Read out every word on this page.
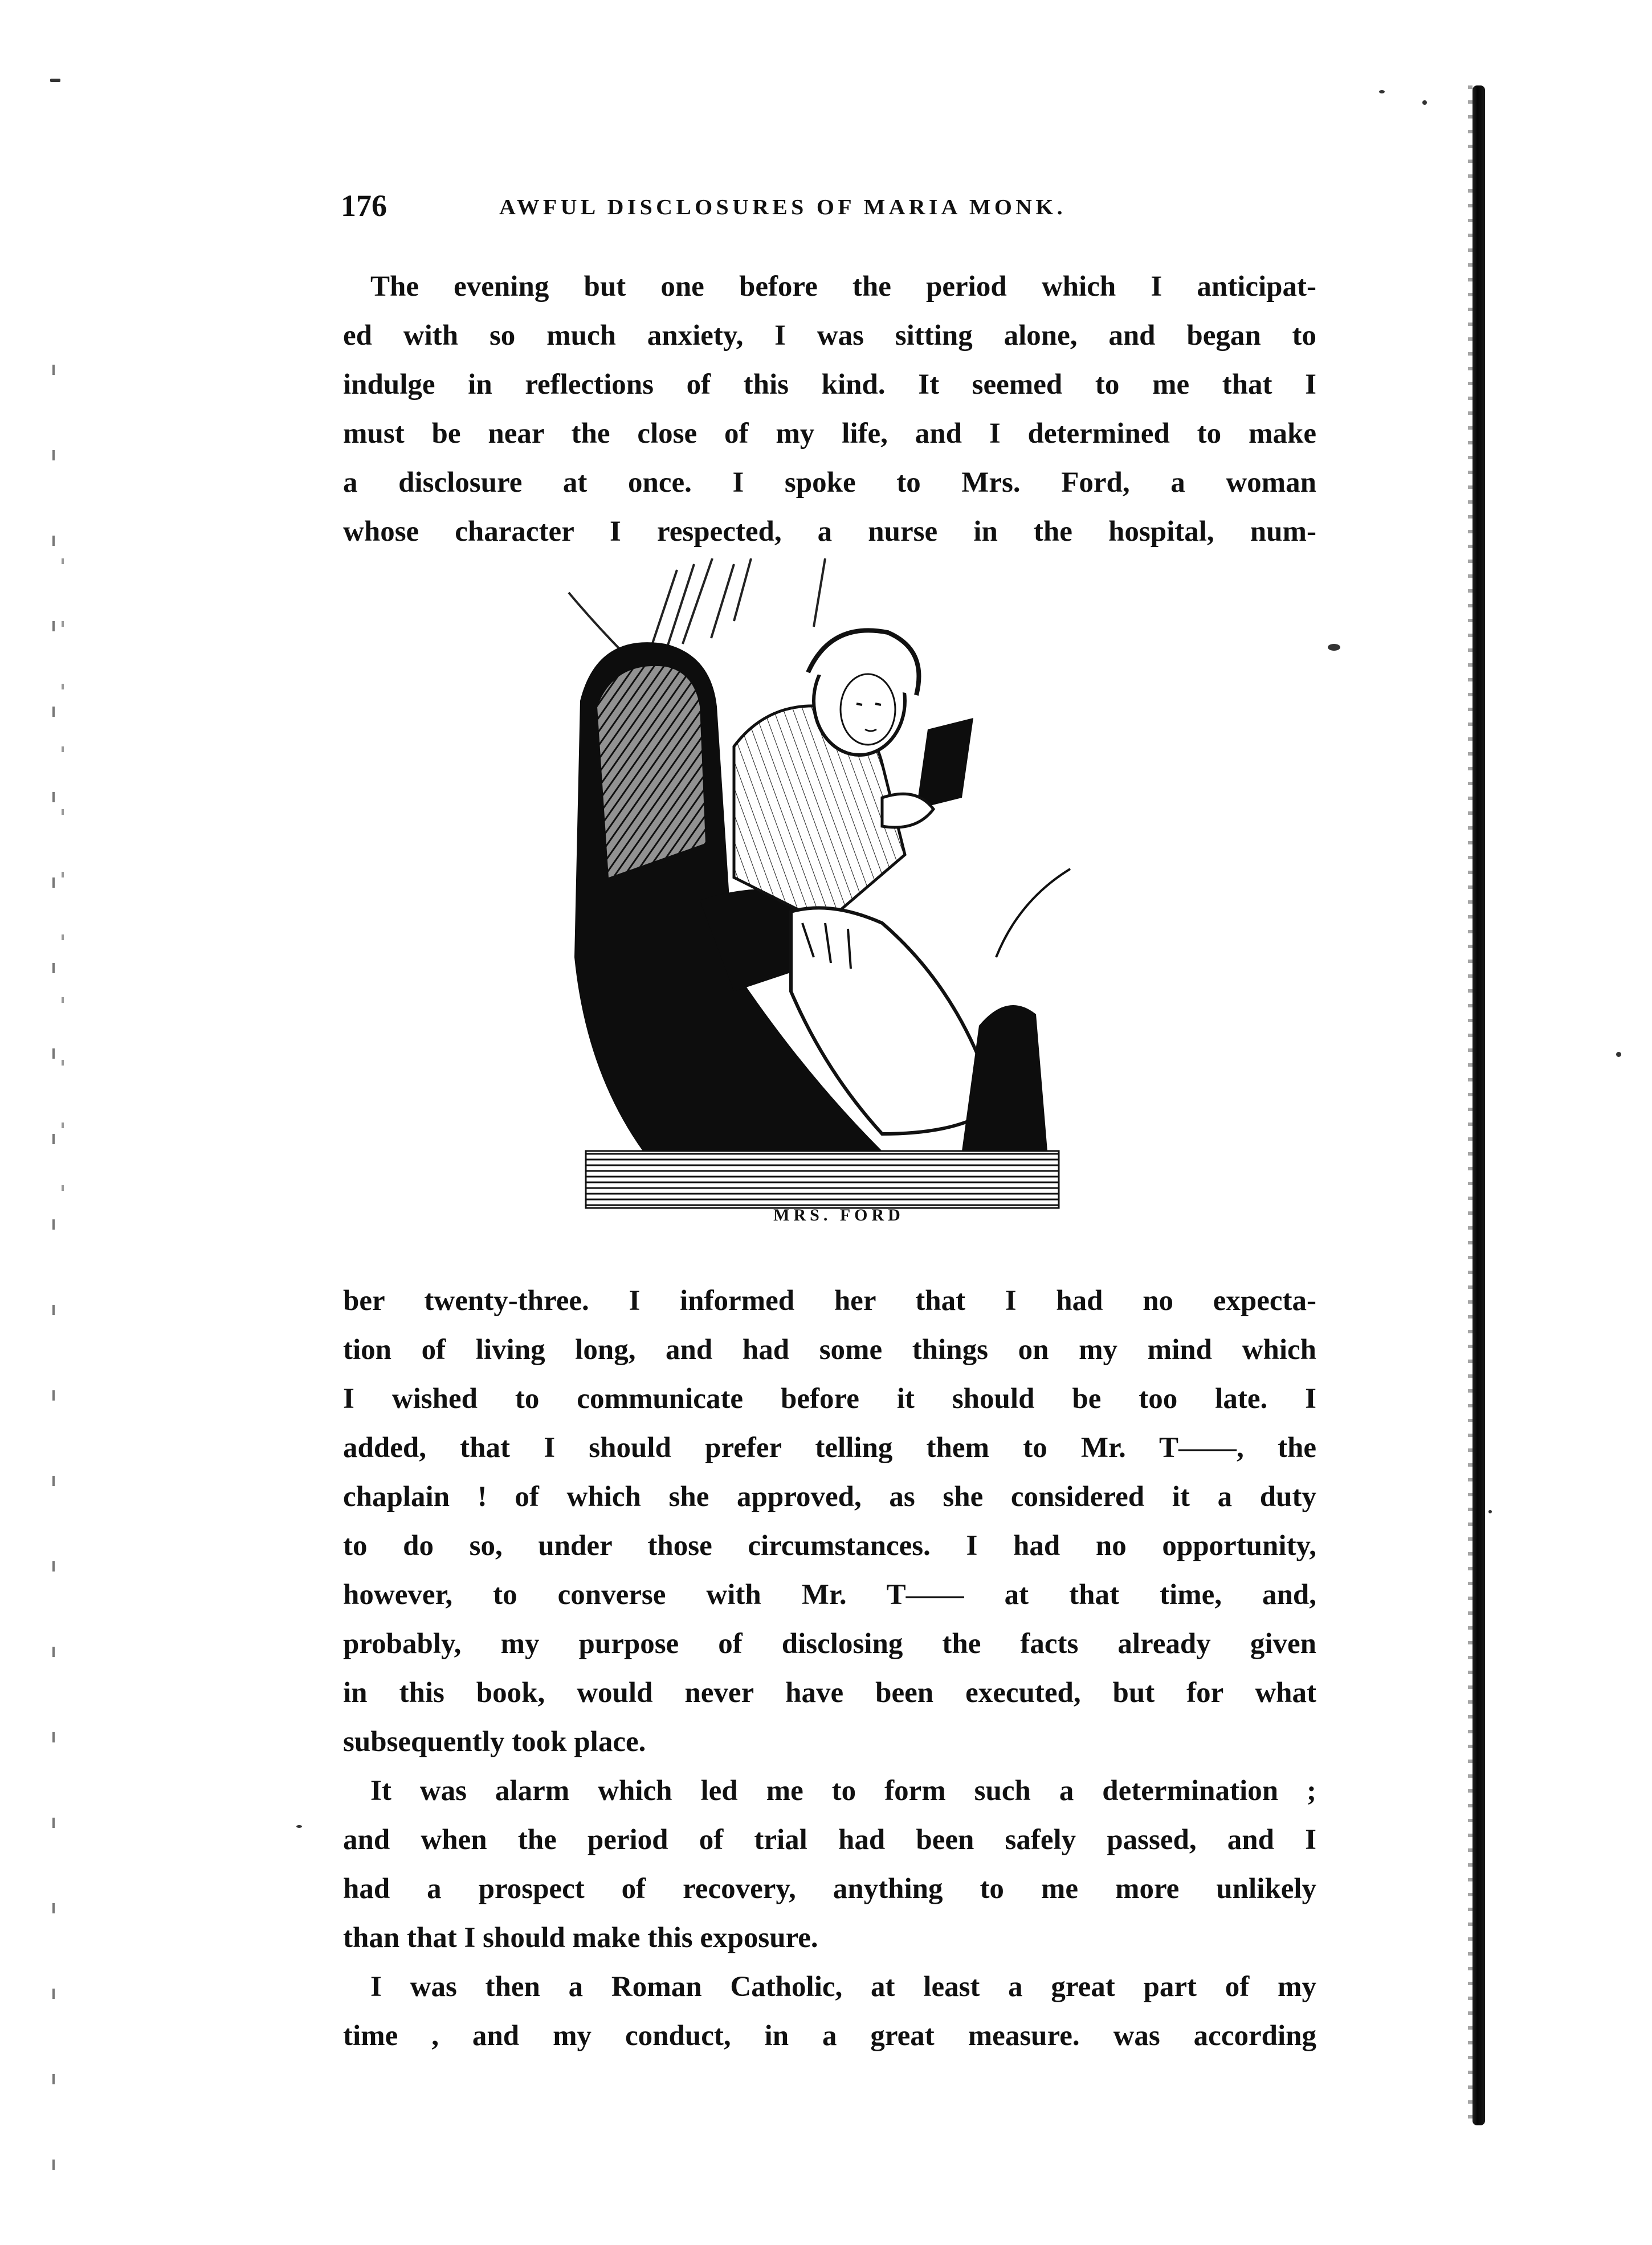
176	AWFUL DISCLOSURES OF MARIA MONK.
The evening but one before the period which I anticipat-
ed with so much anxiety, I was sitting alone, and began to
indulge in reflections of this kind. It seemed to me that I
must be near the close of my life, and I determined to make
a disclosure at once. I spoke to Mrs. Ford, a woman
whose character I respected, a nurse in the hospital, num-
MRS. FORD
ber twenty-three. I informed her that I had no expecta-
tion of living long, and had some things on my mind which
I wished to communicate before it should be too late. I
added, that I should prefer telling them to Mr. T——, the
chaplain ! of which she approved, as she considered it a duty
to do so, under those circumstances. I had no opportunity,
however, to converse with Mr. T—— at that time, and,
probably, my purpose of disclosing the facts already given
in this book, would never have been executed, but for what
subsequently took place.
It was alarm which led me to form such a determination ;
and when the period of trial had been safely passed, and I
had a prospect of recovery, anything to me more unlikely
than that I should make this exposure.
I was then a Roman Catholic, at least a great part of my
time , and my conduct, in a great measure. was according
